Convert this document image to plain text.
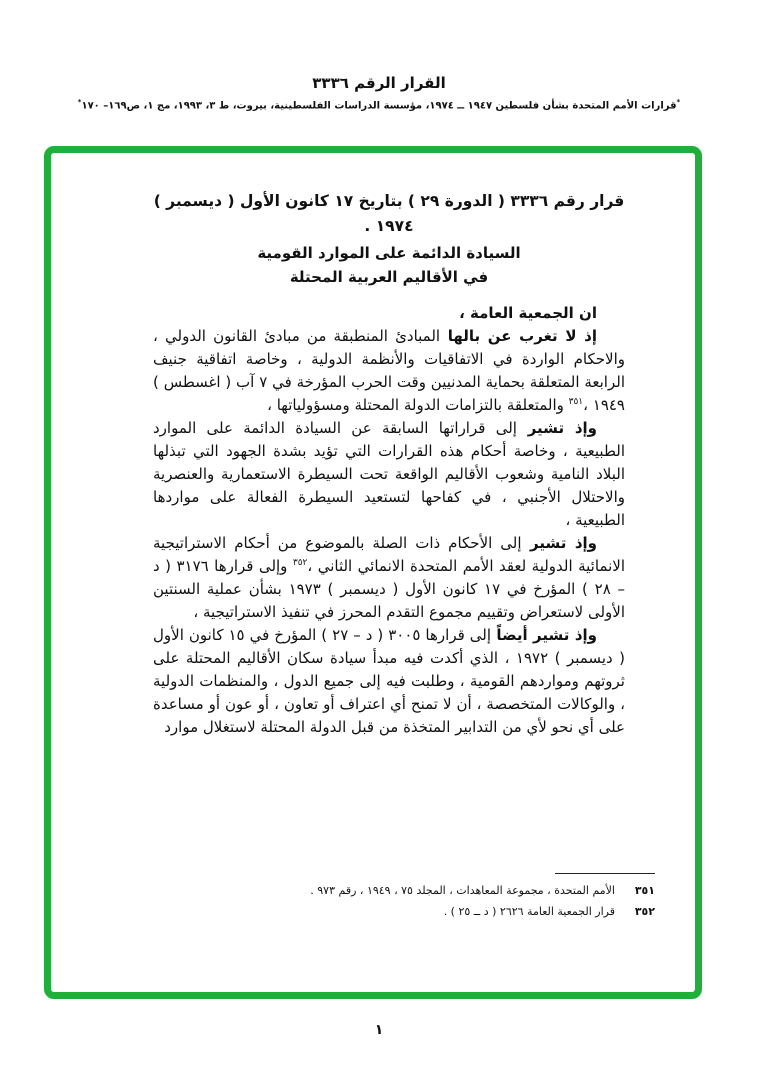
القرار الرقم ٣٣٣٦
*قرارات الأمم المتحدة بشأن فلسطين ١٩٤٧ ــ ١٩٧٤، مؤسسة الدراسات الفلسطينية، بيروت، ط ٣، ١٩٩٣، مج ١، ص١٦٩– ١٧٠*

قرار رقم ٣٣٣٦ ( الدورة ٢٩ ) بتاريخ ١٧ كانون الأول ( ديسمبر ) ١٩٧٤ .

السيادة الدائمة على الموارد القومية
في الأقاليم العربية المحتلة

ان الجمعية العامة ،

إذ لا تغرب عن بالها المبادئ المنطبقة من مبادئ القانون الدولي ، والاحكام الواردة في الاتفاقيات والأنظمة الدولية ، وخاصة اتفاقية جنيف الرابعة المتعلقة بحماية المدنيين وقت الحرب المؤرخة في ٧ آب ( اغسطس ) ١٩٤٩ ،$^{٣٥١}$ والمتعلقة بالتزامات الدولة المحتلة ومسؤولياتها ،

وإذ تشير إلى قراراتها السابقة عن السيادة الدائمة على الموارد الطبيعية ، وخاصة أحكام هذه القرارات التي تؤيد بشدة الجهود التي تبذلها البلاد النامية وشعوب الأقاليم الواقعة تحت السيطرة الاستعمارية والعنصرية والاحتلال الأجنبي ، في كفاحها لتستعيد السيطرة الفعالة على مواردها الطبيعية ،

وإذ تشير إلى الأحكام ذات الصلة بالموضوع من أحكام الاستراتيجية الانمائية الدولية لعقد الأمم المتحدة الانمائي الثاني ،$^{٣٥٢}$ وإلى قرارها ٣١٧٦ ( د – ٢٨ ) المؤرخ في ١٧ كانون الأول ( ديسمبر ) ١٩٧٣ بشأن عملية السنتين الأولى لاستعراض وتقييم مجموع التقدم المحرز في تنفيذ الاستراتيجية ،

وإذ تشير أيضاً إلى قرارها ٣٠٠٥ ( د – ٢٧ ) المؤرخ في ١٥ كانون الأول ( ديسمبر ) ١٩٧٢ ، الذي أكدت فيه مبدأ سيادة سكان الأقاليم المحتلة على ثروتهم ومواردهم القومية ، وطلبت فيه إلى جميع الدول ، والمنظمات الدولية ، والوكالات المتخصصة ، أن لا تمنح أي اعتراف أو تعاون ، أو عون أو مساعدة على أي نحو لأي من التدابير المتخذة من قبل الدولة المحتلة لاستغلال موارد

٣٥١
الأمم المتحدة ، مجموعة المعاهدات ، المجلد ٧٥ ، ١٩٤٩ ، رقم ٩٧٣ .
٣٥٢
قرار الجمعية العامة ٢٦٢٦ ( د ــ ٢٥ ) .
١
